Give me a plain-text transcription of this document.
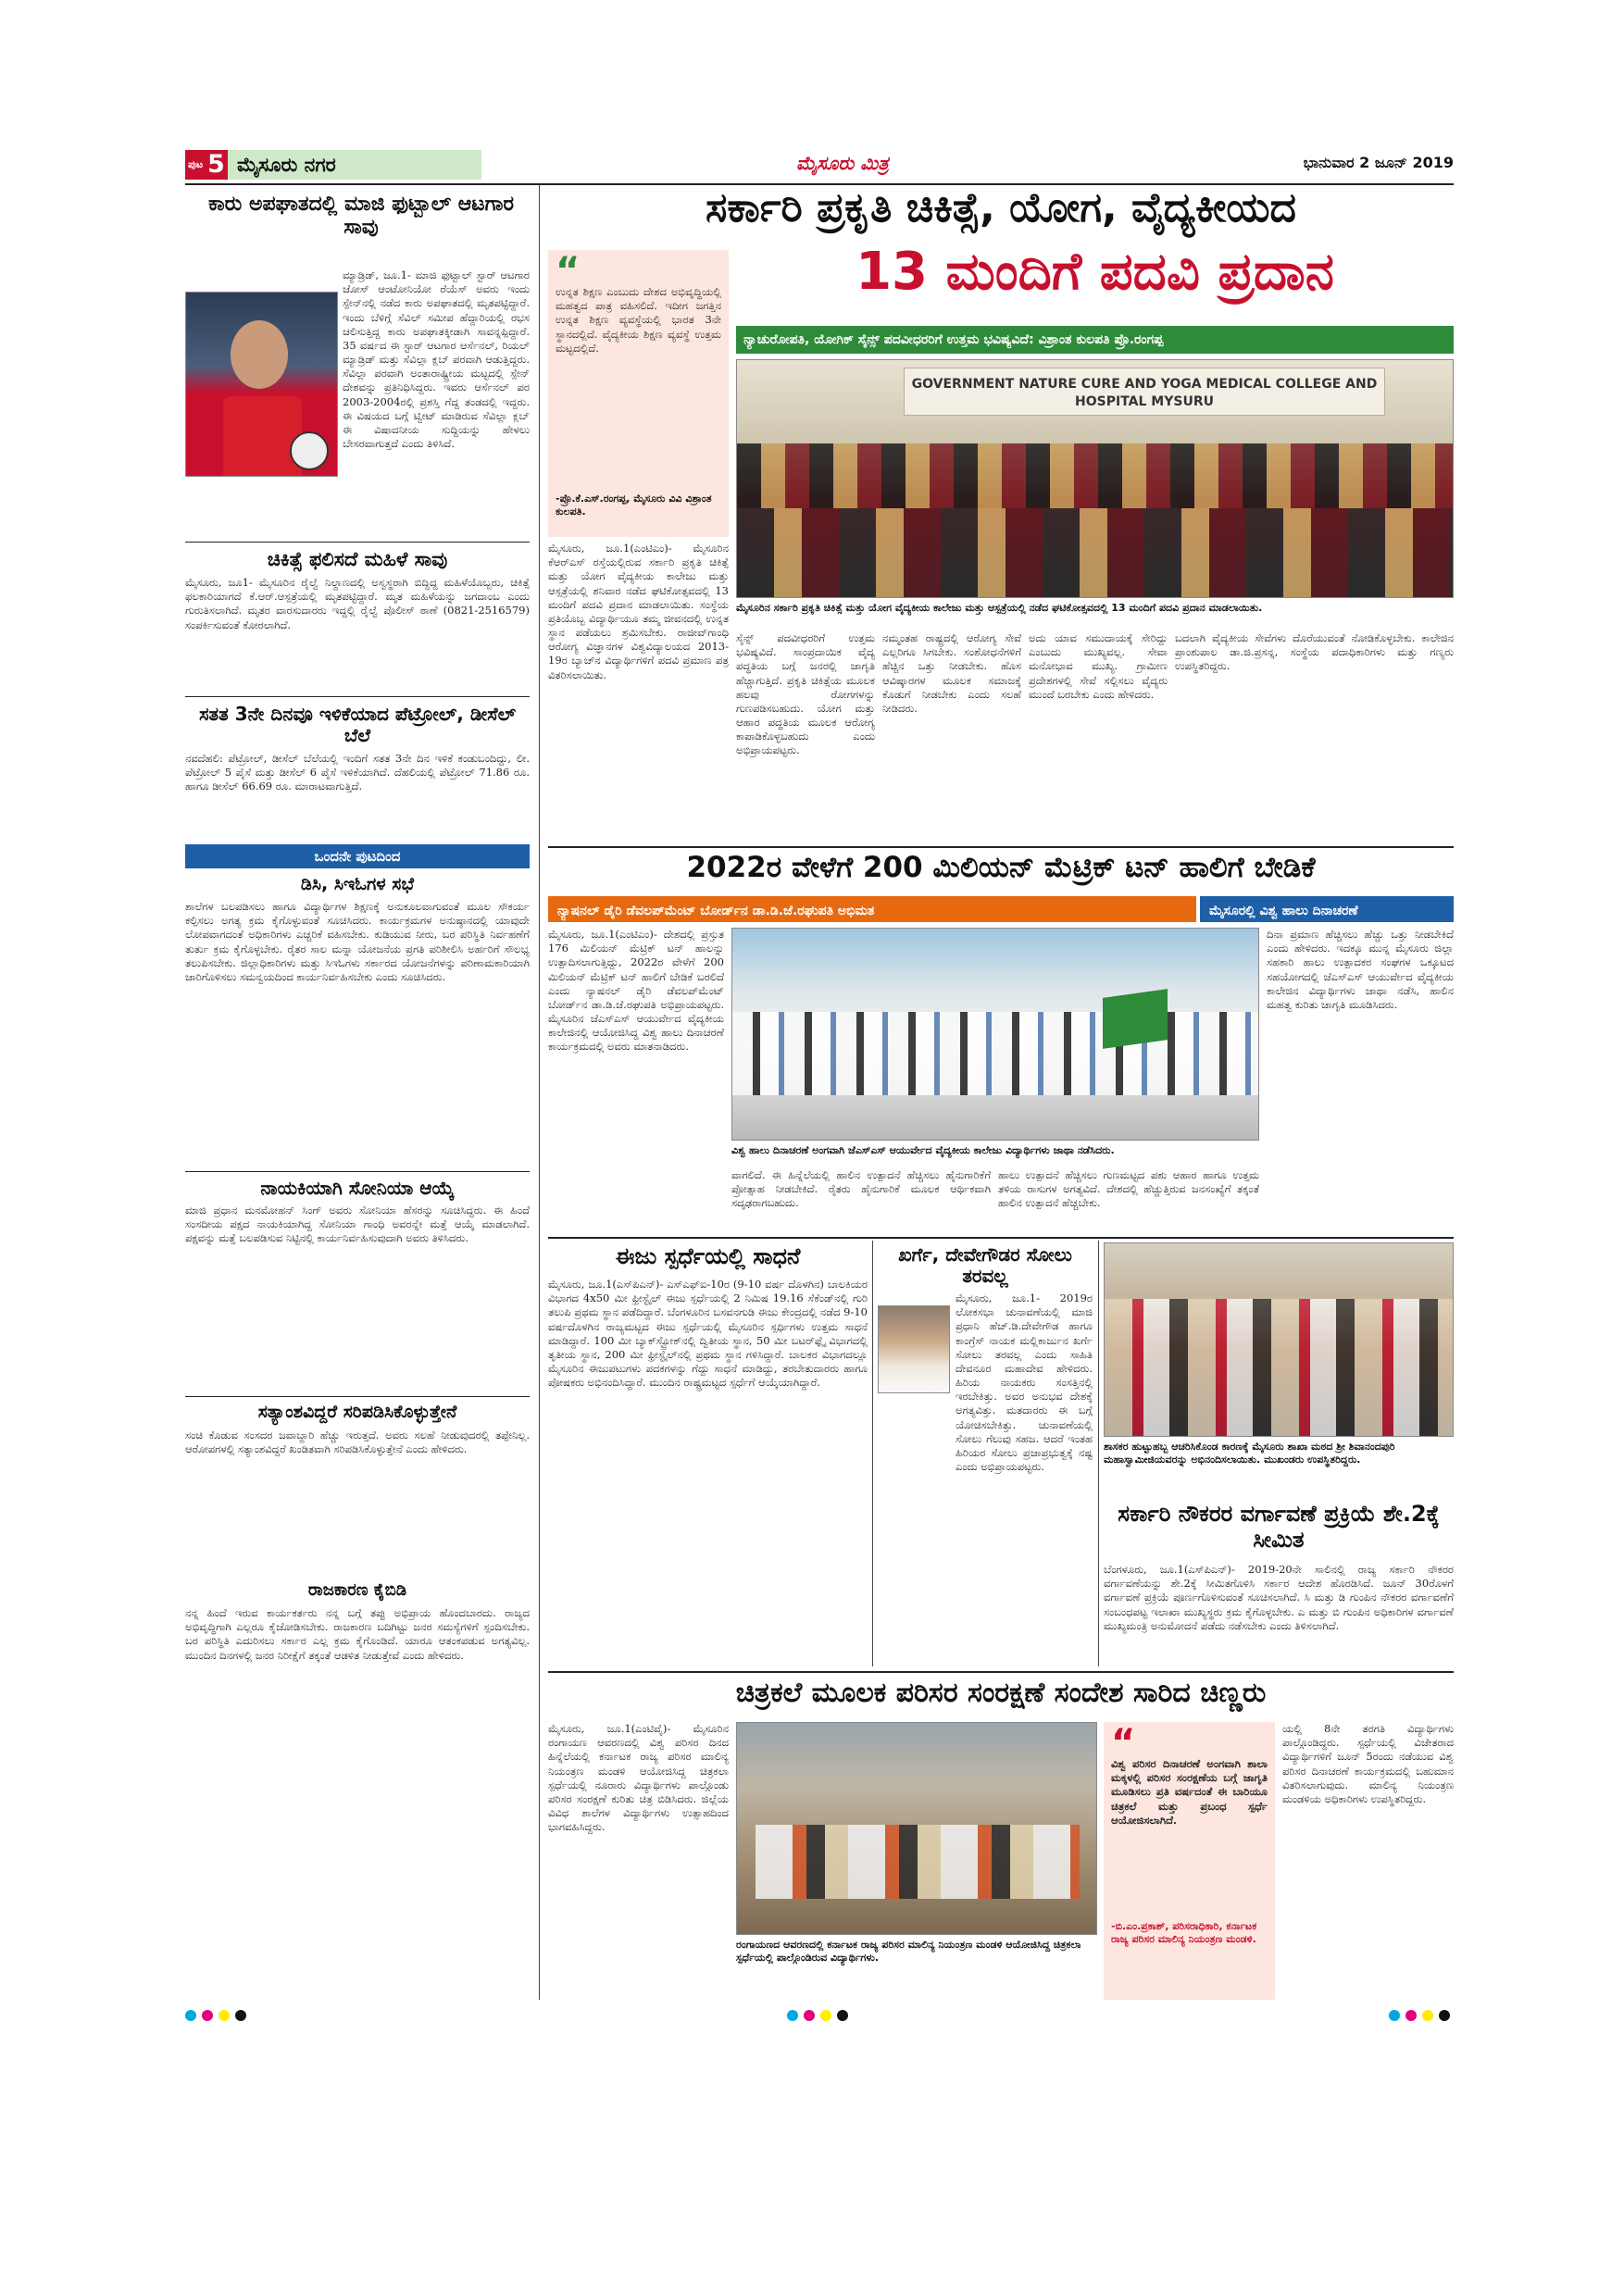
ಪುಟ 5 ಮೈಸೂರು ನಗರ	ಮೈಸೂರು ಮಿತ್ರ	ಭಾನುವಾರ 2 ಜೂನ್ 2019
ಕಾರು ಅಪಘಾತದಲ್ಲಿ ಮಾಜಿ ಫುಟ್ಬಾಲ್ ಆಟಗಾರ ಸಾವು
ಮ್ಯಾಡ್ರಿಡ್, ಜೂ.1- ಮಾಜಿ ಫುಟ್ಬಾಲ್ ಸ್ಟಾರ್ ಆಟಗಾರ ಜೋಸ್ ಆಂಟೋನಿಯೋ ರೆಯೆಸ್ ಅವರು ಇಂದು ಸ್ಪೇನ್‌ನಲ್ಲಿ ನಡೆದ ಕಾರು ಅಪಘಾತದಲ್ಲಿ ಮೃತಪಟ್ಟಿದ್ದಾರೆ. ಇಂದು ಬೆಳಿಗ್ಗೆ ಸೆವಿಲ್ ಸಮೀಪ ಹೆದ್ದಾರಿಯಲ್ಲಿ ರಭಸ ಚಲಿಸುತ್ತಿದ್ದ ಕಾರು ಅಪಘಾತಕ್ಕೀಡಾಗಿ ಸಾವನ್ನಪ್ಪಿದ್ದಾರೆ. 35 ವರ್ಷದ ಈ ಸ್ಟಾರ್ ಆಟಗಾರ ಆರ್ಸೆನಲ್, ರಿಯಲ್ ಮ್ಯಾಡ್ರಿಡ್ ಮತ್ತು ಸೆವಿಲ್ಲಾ ಕ್ಲಬ್ ಪರವಾಗಿ ಆಡುತ್ತಿದ್ದರು. ಸೆವಿಲ್ಲಾ ಪರವಾಗಿ ಅಂತಾರಾಷ್ಟ್ರೀಯ ಮಟ್ಟದಲ್ಲಿ ಸ್ಪೇನ್ ದೇಶವನ್ನು ಪ್ರತಿನಿಧಿಸಿದ್ದರು. ಇವರು ಆರ್ಸೆನಲ್ ಪರ 2003-2004ರಲ್ಲಿ ಪ್ರಶಸ್ತಿ ಗೆದ್ದ ತಂಡದಲ್ಲಿ ಇದ್ದರು. ಈ ವಿಷಯದ ಬಗ್ಗೆ ಟ್ವೀಟ್ ಮಾಡಿರುವ ಸೆವಿಲ್ಲಾ ಕ್ಲಬ್ ಈ ವಿಷಾದನೀಯ ಸುದ್ದಿಯನ್ನು ಹೇಳಲು ಬೇಸರವಾಗುತ್ತದೆ ಎಂದು ತಿಳಿಸಿದೆ.
ಚಿಕಿತ್ಸೆ ಫಲಿಸದೆ ಮಹಿಳೆ ಸಾವು
ಮೈಸೂರು, ಜೂ1- ಮೈಸೂರಿನ ರೈಲ್ವೆ ನಿಲ್ದಾಣದಲ್ಲಿ ಅಸ್ವಸ್ಥರಾಗಿ ಬಿದ್ದಿದ್ದ ಮಹಿಳೆಯೊಬ್ಬರು, ಚಿಕಿತ್ಸೆ ಫಲಕಾರಿಯಾಗದೆ ಕೆ.ಆರ್.ಆಸ್ಪತ್ರೆಯಲ್ಲಿ ಮೃತಪಟ್ಟಿದ್ದಾರೆ. ಮೃತ ಮಹಿಳೆಯನ್ನು ಜಗದಾಂಬ ಎಂದು ಗುರುತಿಸಲಾಗಿದೆ. ಮೃತರ ವಾರಸುದಾರರು ಇದ್ದಲ್ಲಿ ರೈಲ್ವೆ ಪೊಲೀಸ್ ಠಾಣೆ (0821-2516579) ಸಂಪರ್ಕಿಸುವಂತೆ ಕೋರಲಾಗಿದೆ.
ಸತತ 3ನೇ ದಿನವೂ ಇಳಿಕೆಯಾದ ಪೆಟ್ರೋಲ್, ಡೀಸೆಲ್ ಬೆಲೆ
ನವದೆಹಲಿ: ಪೆಟ್ರೋಲ್, ಡೀಸೆಲ್ ಬೆಲೆಯಲ್ಲಿ ಇಂದಿಗೆ ಸತತ 3ನೇ ದಿನ ಇಳಿಕೆ ಕಂಡುಬಂದಿದ್ದು, ಲೀ. ಪೆಟ್ರೋಲ್ 5 ಪೈಸೆ ಮತ್ತು ಡೀಸೆಲ್ 6 ಪೈಸೆ ಇಳಿಕೆಯಾಗಿದೆ. ದೆಹಲಿಯಲ್ಲಿ ಪೆಟ್ರೋಲ್ 71.86 ರೂ. ಹಾಗೂ ಡೀಸೆಲ್ 66.69 ರೂ. ಮಾರಾಟವಾಗುತ್ತಿದೆ.
ಒಂದನೇ ಪುಟದಿಂದ
ಡಿಸಿ, ಸಿಇಓಗಳ ಸಭೆ
ಶಾಲೆಗಳ ಬಲಪಡಿಸಲು ಹಾಗೂ ವಿದ್ಯಾರ್ಥಿಗಳ ಶಿಕ್ಷಣಕ್ಕೆ ಅನುಕೂಲವಾಗುವಂತೆ ಮೂಲ ಸೌಕರ್ಯ ಕಲ್ಪಿಸಲು ಅಗತ್ಯ ಕ್ರಮ ಕೈಗೊಳ್ಳುವಂತೆ ಸೂಚಿಸಿದರು. ಕಾರ್ಯಕ್ರಮಗಳ ಅನುಷ್ಠಾನದಲ್ಲಿ ಯಾವುದೇ ಲೋಪವಾಗದಂತೆ ಅಧಿಕಾರಿಗಳು ಎಚ್ಚರಿಕೆ ವಹಿಸಬೇಕು. ಕುಡಿಯುವ ನೀರು, ಬರ ಪರಿಸ್ಥಿತಿ ನಿರ್ವಹಣೆಗೆ ತುರ್ತು ಕ್ರಮ ಕೈಗೊಳ್ಳಬೇಕು. ರೈತರ ಸಾಲ ಮನ್ನಾ ಯೋಜನೆಯ ಪ್ರಗತಿ ಪರಿಶೀಲಿಸಿ ಅರ್ಹರಿಗೆ ಸೌಲಭ್ಯ ತಲುಪಿಸಬೇಕು. ಜಿಲ್ಲಾಧಿಕಾರಿಗಳು ಮತ್ತು ಸಿಇಓಗಳು ಸರ್ಕಾರದ ಯೋಜನೆಗಳನ್ನು ಪರಿಣಾಮಕಾರಿಯಾಗಿ ಜಾರಿಗೊಳಿಸಲು ಸಮನ್ವಯದಿಂದ ಕಾರ್ಯನಿರ್ವಹಿಸಬೇಕು ಎಂದು ಸೂಚಿಸಿದರು.
ನಾಯಕಿಯಾಗಿ ಸೋನಿಯಾ ಆಯ್ಕೆ
ಮಾಜಿ ಪ್ರಧಾನ ಮನಮೋಹನ್ ಸಿಂಗ್ ಅವರು ಸೋನಿಯಾ ಹೆಸರನ್ನು ಸೂಚಿಸಿದ್ದರು. ಈ ಹಿಂದೆ ಸಂಸದೀಯ ಪಕ್ಷದ ನಾಯಕಿಯಾಗಿದ್ದ ಸೋನಿಯಾ ಗಾಂಧಿ ಅವರನ್ನೇ ಮತ್ತೆ ಆಯ್ಕೆ ಮಾಡಲಾಗಿದೆ. ಪಕ್ಷವನ್ನು ಮತ್ತೆ ಬಲಪಡಿಸುವ ನಿಟ್ಟಿನಲ್ಲಿ ಕಾರ್ಯನಿರ್ವಹಿಸುವುದಾಗಿ ಅವರು ತಿಳಿಸಿದರು.
ಸತ್ಯಾಂಶವಿದ್ದರೆ ಸರಿಪಡಿಸಿಕೊಳ್ಳುತ್ತೇನೆ
ಸಂಚಿ ಕೊಡುವ ಸಂಸದರ ಜವಾಬ್ದಾರಿ ಹೆಚ್ಚು ಇರುತ್ತದೆ. ಅವರು ಸಲಹೆ ನೀಡುವುದರಲ್ಲಿ ತಪ್ಪೇನಿಲ್ಲ. ಆರೋಪಗಳಲ್ಲಿ ಸತ್ಯಾಂಶವಿದ್ದರೆ ಖಂಡಿತವಾಗಿ ಸರಿಪಡಿಸಿಕೊಳ್ಳುತ್ತೇನೆ ಎಂದು ಹೇಳಿದರು.
ರಾಜಕಾರಣ ಕೈಬಿಡಿ
ನನ್ನ ಹಿಂದೆ ಇರುವ ಕಾರ್ಯಕರ್ತರು ನನ್ನ ಬಗ್ಗೆ ತಪ್ಪು ಅಭಿಪ್ರಾಯ ಹೊಂದಬಾರದು. ರಾಜ್ಯದ ಅಭಿವೃದ್ಧಿಗಾಗಿ ಎಲ್ಲರೂ ಕೈಜೋಡಿಸಬೇಕು. ರಾಜಕಾರಣ ಬದಿಗಿಟ್ಟು ಜನರ ಸಮಸ್ಯೆಗಳಿಗೆ ಸ್ಪಂದಿಸಬೇಕು. ಬರ ಪರಿಸ್ಥಿತಿ ಎದುರಿಸಲು ಸರ್ಕಾರ ಎಲ್ಲ ಕ್ರಮ ಕೈಗೊಂಡಿದೆ. ಯಾರೂ ಆತಂಕಪಡುವ ಅಗತ್ಯವಿಲ್ಲ. ಮುಂದಿನ ದಿನಗಳಲ್ಲಿ ಜನರ ನಿರೀಕ್ಷೆಗೆ ತಕ್ಕಂತೆ ಆಡಳಿತ ನೀಡುತ್ತೇವೆ ಎಂದು ಹೇಳಿದರು.
ಸರ್ಕಾರಿ ಪ್ರಕೃತಿ ಚಿಕಿತ್ಸೆ, ಯೋಗ, ವೈದ್ಯಕೀಯದ
“
ಉನ್ನತ ಶಿಕ್ಷಣ ಎಂಬುದು ದೇಶದ ಅಭಿವೃದ್ಧಿಯಲ್ಲಿ ಮಹತ್ವದ ಪಾತ್ರ ವಹಿಸಲಿದೆ. ಇದೀಗ ಜಗತ್ತಿನ ಉನ್ನತ ಶಿಕ್ಷಣ ವ್ಯವಸ್ಥೆಯಲ್ಲಿ ಭಾರತ 3ನೇ ಸ್ಥಾನದಲ್ಲಿದೆ. ವೈದ್ಯಕೀಯ ಶಿಕ್ಷಣ ವ್ಯವಸ್ಥೆ ಉತ್ತಮ ಮಟ್ಟದಲ್ಲಿದೆ.
-ಪ್ರೊ.ಕೆ.ಎಸ್.ರಂಗಪ್ಪ, ಮೈಸೂರು ವಿವಿ ವಿಶ್ರಾಂತ ಕುಲಪತಿ.
13 ಮಂದಿಗೆ ಪದವಿ ಪ್ರದಾನ
ನ್ಯಾಚುರೋಪತಿ, ಯೋಗಿಕ್ ಸೈನ್ಸ್ ಪದವೀಧರರಿಗೆ ಉತ್ತಮ ಭವಿಷ್ಯವಿದೆ: ವಿಶ್ರಾಂತ ಕುಲಪತಿ ಪ್ರೊ.ರಂಗಪ್ಪ
GOVERNMENT NATURE CURE AND YOGA MEDICAL COLLEGE AND HOSPITAL MYSURU
ಮೈಸೂರಿನ ಸರ್ಕಾರಿ ಪ್ರಕೃತಿ ಚಿಕಿತ್ಸೆ ಮತ್ತು ಯೋಗ ವೈದ್ಯಕೀಯ ಕಾಲೇಜು ಮತ್ತು ಆಸ್ಪತ್ರೆಯಲ್ಲಿ ನಡೆದ ಘಟಿಕೋತ್ಸವದಲ್ಲಿ 13 ಮಂದಿಗೆ ಪದವಿ ಪ್ರದಾನ ಮಾಡಲಾಯಿತು.
ಮೈಸೂರು, ಜೂ.1(ಎಂಟಿಎಂ)- ಮೈಸೂರಿನ ಕೆಆರ್‌ಎಸ್ ರಸ್ತೆಯಲ್ಲಿರುವ ಸರ್ಕಾರಿ ಪ್ರಕೃತಿ ಚಿಕಿತ್ಸೆ ಮತ್ತು ಯೋಗ ವೈದ್ಯಕೀಯ ಕಾಲೇಜು ಮತ್ತು ಆಸ್ಪತ್ರೆಯಲ್ಲಿ ಶನಿವಾರ ನಡೆದ ಘಟಿಕೋತ್ಸವದಲ್ಲಿ 13 ಮಂದಿಗೆ ಪದವಿ ಪ್ರದಾನ ಮಾಡಲಾಯಿತು. ಸಂಸ್ಥೆಯ ಪ್ರತಿಯೊಬ್ಬ ವಿದ್ಯಾರ್ಥಿಯೂ ತಮ್ಮ ಜೀವನದಲ್ಲಿ ಉನ್ನತ ಸ್ಥಾನ ಪಡೆಯಲು ಶ್ರಮಿಸಬೇಕು. ರಾಜೀವ್‌ಗಾಂಧಿ ಆರೋಗ್ಯ ವಿಜ್ಞಾನಗಳ ವಿಶ್ವವಿದ್ಯಾಲಯದ 2013-19ರ ಬ್ಯಾಚ್‌ನ ವಿದ್ಯಾರ್ಥಿಗಳಿಗೆ ಪದವಿ ಪ್ರಮಾಣ ಪತ್ರ ವಿತರಿಸಲಾಯಿತು.
ಸೈನ್ಸ್ ಪದವೀಧರರಿಗೆ ಉತ್ತಮ ಭವಿಷ್ಯವಿದೆ. ಸಾಂಪ್ರದಾಯಿಕ ವೈದ್ಯ ಪದ್ಧತಿಯ ಬಗ್ಗೆ ಜನರಲ್ಲಿ ಜಾಗೃತಿ ಹೆಚ್ಚಾಗುತ್ತಿದೆ. ಪ್ರಕೃತಿ ಚಿಕಿತ್ಸೆಯ ಮೂಲಕ ಹಲವು ರೋಗಗಳನ್ನು ಗುಣಪಡಿಸಬಹುದು. ಯೋಗ ಮತ್ತು ಆಹಾರ ಪದ್ಧತಿಯ ಮೂಲಕ ಆರೋಗ್ಯ ಕಾಪಾಡಿಕೊಳ್ಳಬಹುದು ಎಂದು ಅಭಿಪ್ರಾಯಪಟ್ಟರು.
ನಮ್ಮಂತಹ ರಾಷ್ಟ್ರದಲ್ಲಿ ಆರೋಗ್ಯ ಸೇವೆ ಎಲ್ಲರಿಗೂ ಸಿಗಬೇಕು. ಸಂಶೋಧನೆಗಳಿಗೆ ಹೆಚ್ಚಿನ ಒತ್ತು ನೀಡಬೇಕು. ಹೊಸ ಆವಿಷ್ಕಾರಗಳ ಮೂಲಕ ಸಮಾಜಕ್ಕೆ ಕೊಡುಗೆ ನೀಡಬೇಕು ಎಂದು ಸಲಹೆ ನೀಡಿದರು.
ಅದು ಯಾವ ಸಮುದಾಯಕ್ಕೆ ಸೇರಿದ್ದು ಎಂಬುದು ಮುಖ್ಯವಲ್ಲ. ಸೇವಾ ಮನೋಭಾವ ಮುಖ್ಯ. ಗ್ರಾಮೀಣ ಪ್ರದೇಶಗಳಲ್ಲಿ ಸೇವೆ ಸಲ್ಲಿಸಲು ವೈದ್ಯರು ಮುಂದೆ ಬರಬೇಕು ಎಂದು ಹೇಳಿದರು.
ಬದಲಾಗಿ ವೈದ್ಯಕೀಯ ಸೇವೆಗಳು ದೊರೆಯುವಂತೆ ನೋಡಿಕೊಳ್ಳಬೇಕು. ಕಾಲೇಜಿನ ಪ್ರಾಂಶುಪಾಲ ಡಾ.ಜಿ.ಪ್ರಸನ್ನ, ಸಂಸ್ಥೆಯ ಪದಾಧಿಕಾರಿಗಳು ಮತ್ತು ಗಣ್ಯರು ಉಪಸ್ಥಿತರಿದ್ದರು.
2022ರ ವೇಳೆಗೆ 200 ಮಿಲಿಯನ್ ಮೆಟ್ರಿಕ್ ಟನ್ ಹಾಲಿಗೆ ಬೇಡಿಕೆ
ನ್ಯಾಷನಲ್ ಡೈರಿ ಡೆವಲಪ್‌ಮೆಂಟ್ ಬೋರ್ಡ್‌ನ ಡಾ.ಡಿ.ಜೆ.ರಘುಪತಿ ಅಭಿಮತ	ಮೈಸೂರಲ್ಲಿ ವಿಶ್ವ ಹಾಲು ದಿನಾಚರಣೆ
ಮೈಸೂರು, ಜೂ.1(ಎಂಟಿಎಂ)- ದೇಶದಲ್ಲಿ ಪ್ರಸ್ತುತ 176 ಮಿಲಿಯನ್ ಮೆಟ್ರಿಕ್ ಟನ್ ಹಾಲನ್ನು ಉತ್ಪಾದಿಸಲಾಗುತ್ತಿದ್ದು, 2022ರ ವೇಳೆಗೆ 200 ಮಿಲಿಯನ್ ಮೆಟ್ರಿಕ್ ಟನ್ ಹಾಲಿಗೆ ಬೇಡಿಕೆ ಬರಲಿದೆ ಎಂದು ನ್ಯಾಷನಲ್ ಡೈರಿ ಡೆವಲಪ್‌ಮೆಂಟ್ ಬೋರ್ಡ್‌ನ ಡಾ.ಡಿ.ಜೆ.ರಘುಪತಿ ಅಭಿಪ್ರಾಯಪಟ್ಟರು. ಮೈಸೂರಿನ ಜೆಎಸ್‌ಎಸ್ ಆಯುರ್ವೇದ ವೈದ್ಯಕೀಯ ಕಾಲೇಜಿನಲ್ಲಿ ಆಯೋಜಿಸಿದ್ದ ವಿಶ್ವ ಹಾಲು ದಿನಾಚರಣೆ ಕಾರ್ಯಕ್ರಮದಲ್ಲಿ ಅವರು ಮಾತನಾಡಿದರು.
ವಿಶ್ವ ಹಾಲು ದಿನಾಚರಣೆ ಅಂಗವಾಗಿ ಜೆಎಸ್‌ಎಸ್ ಆಯುರ್ವೇದ ವೈದ್ಯಕೀಯ ಕಾಲೇಜು ವಿದ್ಯಾರ್ಥಿಗಳು ಜಾಥಾ ನಡೆಸಿದರು.
ದಿನಾ ಪ್ರಮಾಣ ಹೆಚ್ಚಿಸಲು ಹೆಚ್ಚು ಒತ್ತು ನೀಡಬೇಕಿದೆ ಎಂದು ಹೇಳಿದರು. ಇದಕ್ಕೂ ಮುನ್ನ ಮೈಸೂರು ಜಿಲ್ಲಾ ಸಹಕಾರಿ ಹಾಲು ಉತ್ಪಾದಕರ ಸಂಘಗಳ ಒಕ್ಕೂಟದ ಸಹಯೋಗದಲ್ಲಿ ಜೆಎಸ್‌ಎಸ್ ಆಯುರ್ವೇದ ವೈದ್ಯಕೀಯ ಕಾಲೇಜಿನ ವಿದ್ಯಾರ್ಥಿಗಳು ಜಾಥಾ ನಡೆಸಿ, ಹಾಲಿನ ಮಹತ್ವ ಕುರಿತು ಜಾಗೃತಿ ಮೂಡಿಸಿದರು.
ವಾಗಲಿದೆ. ಈ ಹಿನ್ನೆಲೆಯಲ್ಲಿ ಹಾಲಿನ ಉತ್ಪಾದನೆ ಹೆಚ್ಚಿಸಲು ಹೈನುಗಾರಿಕೆಗೆ ಪ್ರೋತ್ಸಾಹ ನೀಡಬೇಕಿದೆ. ರೈತರು ಹೈನುಗಾರಿಕೆ ಮೂಲಕ ಆರ್ಥಿಕವಾಗಿ ಸದೃಢರಾಗಬಹುದು.
ಹಾಲು ಉತ್ಪಾದನೆ ಹೆಚ್ಚಿಸಲು ಗುಣಮಟ್ಟದ ಪಶು ಆಹಾರ ಹಾಗೂ ಉತ್ತಮ ತಳಿಯ ರಾಸುಗಳ ಅಗತ್ಯವಿದೆ. ದೇಶದಲ್ಲಿ ಹೆಚ್ಚುತ್ತಿರುವ ಜನಸಂಖ್ಯೆಗೆ ತಕ್ಕಂತೆ ಹಾಲಿನ ಉತ್ಪಾದನೆ ಹೆಚ್ಚಬೇಕು.
ಈಜು ಸ್ಪರ್ಧೆಯಲ್ಲಿ ಸಾಧನೆ
ಮೈಸೂರು, ಜೂ.1(ಎಸ್‌ಪಿಎನ್)- ಎಸ್‌ಎಫ್‌ಐ-10ರ (9-10 ವರ್ಷ ದೊಳಗಿನ) ಬಾಲಕಿಯರ ವಿಭಾಗದ 4x50 ಮೀ ಫ್ರೀಸ್ಟೈಲ್ ಈಜು ಸ್ಪರ್ಧೆಯಲ್ಲಿ 2 ನಿಮಿಷ 19.16 ಸೆಕೆಂಡ್‌ನಲ್ಲಿ ಗುರಿ ತಲುಪಿ ಪ್ರಥಮ ಸ್ಥಾನ ಪಡೆದಿದ್ದಾರೆ. ಬೆಂಗಳೂರಿನ ಬಸವನಗುಡಿ ಈಜು ಕೇಂದ್ರದಲ್ಲಿ ನಡೆದ 9-10 ವರ್ಷದೊಳಗಿನ ರಾಜ್ಯಮಟ್ಟದ ಈಜು ಸ್ಪರ್ಧೆಯಲ್ಲಿ ಮೈಸೂರಿನ ಸ್ಪರ್ಧಿಗಳು ಉತ್ತಮ ಸಾಧನೆ ಮಾಡಿದ್ದಾರೆ. 100 ಮೀ ಬ್ಯಾಕ್‌ಸ್ಟ್ರೋಕ್‌ನಲ್ಲಿ ದ್ವಿತೀಯ ಸ್ಥಾನ, 50 ಮೀ ಬಟರ್‌ಫ್ಲೈ ವಿಭಾಗದಲ್ಲಿ ತೃತೀಯ ಸ್ಥಾನ, 200 ಮೀ ಫ್ರೀಸ್ಟೈಲ್‌ನಲ್ಲಿ ಪ್ರಥಮ ಸ್ಥಾನ ಗಳಿಸಿದ್ದಾರೆ. ಬಾಲಕರ ವಿಭಾಗದಲ್ಲೂ ಮೈಸೂರಿನ ಈಜುಪಟುಗಳು ಪದಕಗಳನ್ನು ಗೆದ್ದು ಸಾಧನೆ ಮಾಡಿದ್ದು, ತರಬೇತುದಾರರು ಹಾಗೂ ಪೋಷಕರು ಅಭಿನಂದಿಸಿದ್ದಾರೆ. ಮುಂದಿನ ರಾಷ್ಟ್ರಮಟ್ಟದ ಸ್ಪರ್ಧೆಗೆ ಆಯ್ಕೆಯಾಗಿದ್ದಾರೆ.
ಖರ್ಗೆ, ದೇವೇಗೌಡರ ಸೋಲು ತರವಲ್ಲ
ಮೈಸೂರು, ಜೂ.1- 2019ರ ಲೋಕಸಭಾ ಚುನಾವಣೆಯಲ್ಲಿ ಮಾಜಿ ಪ್ರಧಾನಿ ಹೆಚ್.ಡಿ.ದೇವೇಗೌಡ ಹಾಗೂ ಕಾಂಗ್ರೆಸ್ ನಾಯಕ ಮಲ್ಲಿಕಾರ್ಜುನ ಖರ್ಗೆ ಸೋಲು ತರವಲ್ಲ ಎಂದು ಸಾಹಿತಿ ದೇವನೂರ ಮಹಾದೇವ ಹೇಳಿದರು. ಹಿರಿಯ ನಾಯಕರು ಸಂಸತ್ತಿನಲ್ಲಿ ಇರಬೇಕಿತ್ತು. ಅವರ ಅನುಭವ ದೇಶಕ್ಕೆ ಅಗತ್ಯವಿತ್ತು. ಮತದಾರರು ಈ ಬಗ್ಗೆ ಯೋಚಿಸಬೇಕಿತ್ತು. ಚುನಾವಣೆಯಲ್ಲಿ ಸೋಲು ಗೆಲುವು ಸಹಜ. ಆದರೆ ಇಂತಹ ಹಿರಿಯರ ಸೋಲು ಪ್ರಜಾಪ್ರಭುತ್ವಕ್ಕೆ ನಷ್ಟ ಎಂದು ಅಭಿಪ್ರಾಯಪಟ್ಟರು.
ಶಾಸಕರ ಹುಟ್ಟುಹಬ್ಬ ಆಚರಿಸಿಕೊಂಡ ಕಾರಣಕ್ಕೆ ಮೈಸೂರು ಶಾಖಾ ಮಠದ ಶ್ರೀ ಶಿವಾನಂದಪುರಿ ಮಹಾಸ್ವಾಮೀಜಿಯವರನ್ನು ಅಭಿನಂದಿಸಲಾಯಿತು. ಮುಖಂಡರು ಉಪಸ್ಥಿತರಿದ್ದರು.
ಸರ್ಕಾರಿ ನೌಕರರ ವರ್ಗಾವಣೆ ಪ್ರಕ್ರಿಯೆ ಶೇ.2ಕ್ಕೆ ಸೀಮಿತ
ಬೆಂಗಳೂರು, ಜೂ.1(ಎಸ್‌ಪಿಎನ್)- 2019-20ನೇ ಸಾಲಿನಲ್ಲಿ ರಾಜ್ಯ ಸರ್ಕಾರಿ ನೌಕರರ ವರ್ಗಾವಣೆಯನ್ನು ಶೇ.2ಕ್ಕೆ ಸೀಮಿತಗೊಳಿಸಿ ಸರ್ಕಾರ ಆದೇಶ ಹೊರಡಿಸಿದೆ. ಜೂನ್ 30ರೊಳಗೆ ವರ್ಗಾವಣೆ ಪ್ರಕ್ರಿಯೆ ಪೂರ್ಣಗೊಳಿಸುವಂತೆ ಸೂಚಿಸಲಾಗಿದೆ. ಸಿ ಮತ್ತು ಡಿ ಗುಂಪಿನ ನೌಕರರ ವರ್ಗಾವಣೆಗೆ ಸಂಬಂಧಪಟ್ಟ ಇಲಾಖಾ ಮುಖ್ಯಸ್ಥರು ಕ್ರಮ ಕೈಗೊಳ್ಳಬೇಕು. ಎ ಮತ್ತು ಬಿ ಗುಂಪಿನ ಅಧಿಕಾರಿಗಳ ವರ್ಗಾವಣೆ ಮುಖ್ಯಮಂತ್ರಿ ಅನುಮೋದನೆ ಪಡೆದು ನಡೆಸಬೇಕು ಎಂದು ತಿಳಿಸಲಾಗಿದೆ.
ಚಿತ್ರಕಲೆ ಮೂಲಕ ಪರಿಸರ ಸಂರಕ್ಷಣೆ ಸಂದೇಶ ಸಾರಿದ ಚಿಣ್ಣರು
ಮೈಸೂರು, ಜೂ.1(ಎಂಟಿವೈ)- ಮೈಸೂರಿನ ರಂಗಾಯಣ ಆವರಣದಲ್ಲಿ ವಿಶ್ವ ಪರಿಸರ ದಿನದ ಹಿನ್ನೆಲೆಯಲ್ಲಿ ಕರ್ನಾಟಕ ರಾಜ್ಯ ಪರಿಸರ ಮಾಲಿನ್ಯ ನಿಯಂತ್ರಣ ಮಂಡಳಿ ಆಯೋಜಿಸಿದ್ದ ಚಿತ್ರಕಲಾ ಸ್ಪರ್ಧೆಯಲ್ಲಿ ನೂರಾರು ವಿದ್ಯಾರ್ಥಿಗಳು ಪಾಲ್ಗೊಂಡು ಪರಿಸರ ಸಂರಕ್ಷಣೆ ಕುರಿತು ಚಿತ್ರ ಬಿಡಿಸಿದರು. ಜಿಲ್ಲೆಯ ವಿವಿಧ ಶಾಲೆಗಳ ವಿದ್ಯಾರ್ಥಿಗಳು ಉತ್ಸಾಹದಿಂದ ಭಾಗವಹಿಸಿದ್ದರು.
ರಂಗಾಯಣದ ಆವರಣದಲ್ಲಿ ಕರ್ನಾಟಕ ರಾಜ್ಯ ಪರಿಸರ ಮಾಲಿನ್ಯ ನಿಯಂತ್ರಣ ಮಂಡಳಿ ಆಯೋಜಿಸಿದ್ದ ಚಿತ್ರಕಲಾ ಸ್ಪರ್ಧೆಯಲ್ಲಿ ಪಾಲ್ಗೊಂಡಿರುವ ವಿದ್ಯಾರ್ಥಿಗಳು.
“
ವಿಶ್ವ ಪರಿಸರ ದಿನಾಚರಣೆ ಅಂಗವಾಗಿ ಶಾಲಾ ಮಕ್ಕಳಲ್ಲಿ ಪರಿಸರ ಸಂರಕ್ಷಣೆಯ ಬಗ್ಗೆ ಜಾಗೃತಿ ಮೂಡಿಸಲು ಪ್ರತಿ ವರ್ಷದಂತೆ ಈ ಬಾರಿಯೂ ಚಿತ್ರಕಲೆ ಮತ್ತು ಪ್ರಬಂಧ ಸ್ಪರ್ಧೆ ಆಯೋಜಿಸಲಾಗಿದೆ.
-ಬಿ.ಎಂ.ಪ್ರಕಾಶ್, ಪರಿಸರಾಧಿಕಾರಿ, ಕರ್ನಾಟಕ ರಾಜ್ಯ ಪರಿಸರ ಮಾಲಿನ್ಯ ನಿಯಂತ್ರಣ ಮಂಡಳಿ.
ಯಲ್ಲಿ 8ನೇ ತರಗತಿ ವಿದ್ಯಾರ್ಥಿಗಳು ಪಾಲ್ಗೊಂಡಿದ್ದರು. ಸ್ಪರ್ಧೆಯಲ್ಲಿ ವಿಜೇತರಾದ ವಿದ್ಯಾರ್ಥಿಗಳಿಗೆ ಜೂನ್ 5ರಂದು ನಡೆಯುವ ವಿಶ್ವ ಪರಿಸರ ದಿನಾಚರಣೆ ಕಾರ್ಯಕ್ರಮದಲ್ಲಿ ಬಹುಮಾನ ವಿತರಿಸಲಾಗುವುದು. ಮಾಲಿನ್ಯ ನಿಯಂತ್ರಣ ಮಂಡಳಿಯ ಅಧಿಕಾರಿಗಳು ಉಪಸ್ಥಿತರಿದ್ದರು.
